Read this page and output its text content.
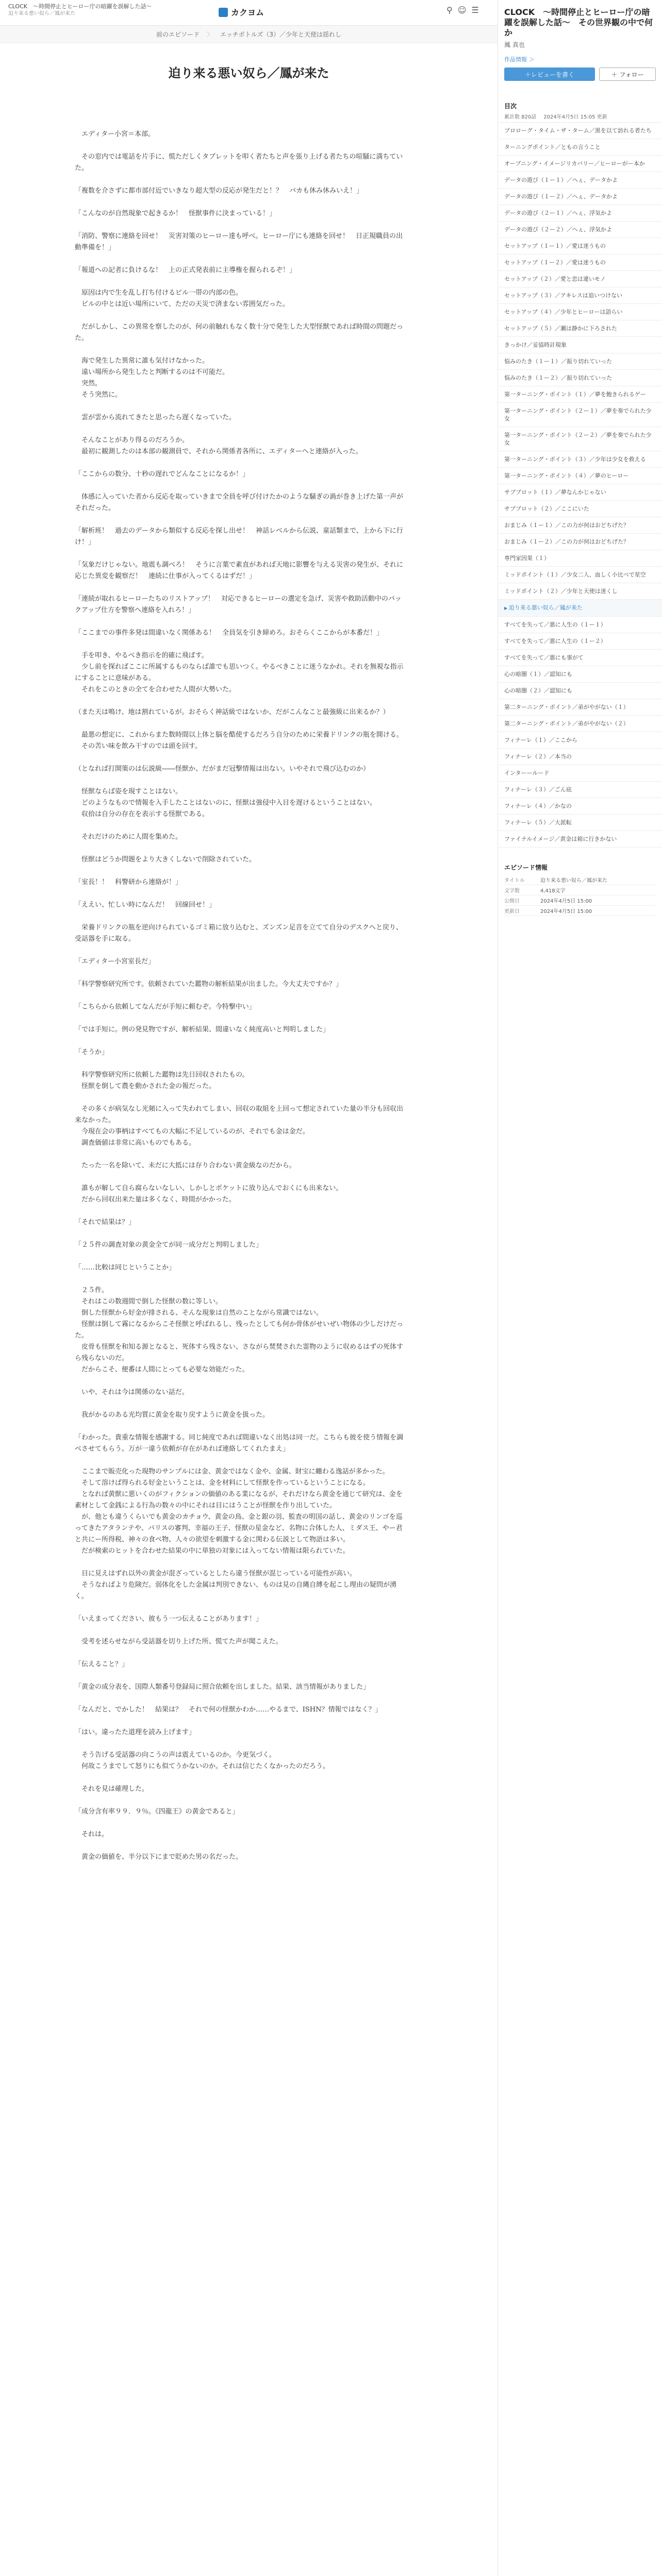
CLOCK　～時間停止とヒーロー庁の暗躍を誤解した話～
迫り来る悪い奴ら／鳳が来た	カクヨム	⚲ ☺ ☰
前のエピソード 〉 エッチボトルズ（3）／少年と天使は揺れし
迫り来る悪い奴ら／鳳が来た
　エディター小宮＝本部。
　その窓内では電話を片手に、慌ただしくタブレットを叩く者たちと声を張り上げる者たちの喧騒に満ちていた。
「複数を介さずに都市部付近でいきなり超大型の反応が発生だと！？　バカも休み休みいえ！」
「こんなのが自然現象で起きるか！　怪獣事件に決まっている！」
「消防、警察に連絡を回せ！　災害対策のヒーロー達も呼べ。ヒーロー庁にも連絡を回せ！　日正規職員の出動準備を！」
「報道への記者に負けるな！　上の正式発表前に主導権を握られるぞ！」
　原因は内で生を乱し打ち付けるビル一帯の内部の色。
　ビルの中とは近い場所にいて、ただの天災で済まない雰囲気だった。
　だがしかし、この異常を察したのが、何の前触れもなく数十分で発生した大型怪獣であれば時間の問題だった。
　海で発生した異常に誰も気付けなかった。
　遠い場所から発生したと判断するのは不可能だ。
　突然。
　そう突然に。
　雲が雲から流れてきたと思ったら遅くなっていた。
　そんなことがあり得るのだろうか。
　最初に観測したのは本部の観測員で、それから関係者各所に、エディターへと連絡が入った。
「ここからの数分、十秒の遅れでどんなことになるか！」
　体感に入っていた者から反応を取っていきまで全員を呼び付けたかのような騒ぎの渦が巻き上げた第一声がそれだった。
「解析班！　過去のデータから類似する反応を探し出せ！　神話レベルから伝説、童話類まで、上から下に行け！」
「気象だけじゃない。地震も調べろ！　そうに言葉で素直があれば天地に影響を与える災害の発生が、それに応じた異変を観察だ！　連続に仕事が入ってくるはずだ！」
「連続が取れるヒーローたちのリストアップ！　対応できるヒーローの選定を急げ、災害や救助活動中のバックアップ仕方を警察へ連絡を入れろ！」
「ここまでの事件多発は間違いなく関係ある！　全員気を引き締めろ。おそらくここからが本番だ！」
　手を叩き、やるべき指示を的確に飛ばす。
　少し前を探ればここに所属するものならば誰でも思いつく。やるべきことに迷うなかれ。それを無視な指示にすることに意味がある。
　それをこのときの全てを合わせた人間が大勢いた。
（また天は鳴け、地は割れているが。おそらく神話級ではないか、だがこんなこと最強級に出来るか？）
　最悪の想定に、これからまた数時間以上体と脳を酷使するだろう自分のために栄養ドリンクの瓶を開ける。
　その苦い味を飲み干すのでは頭を回す。
（となれば打開策のは伝説級――怪獣か、だがまだ冠撃情報は出ない。いやそれで飛び込むのか）
　怪獣ならば姿を現すことはない。
　どのようなもので情報を入手したことはないのに、怪獣は強侵中入目を遅けるということはない。
　収拾は自分の存在を表示する怪獣である。
　それだけのために人間を集めた。
　怪獣はどうか問題をより大きくしないで削除されていた。
「室長！！　科警研から連絡が！」
「ええい、忙しい時になんだ！　回線回せ！」
　栄養ドリンクの瓶を逆向けられているゴミ箱に放り込むと、ズンズン足音を立てて自分のデスクへと戻り、受話器を手に取る。
「エディター小宮室長だ」
「科学警察研究所です。依頼されていた鑑物の解析結果が出ました。今大丈夫ですか？」
「こちらから依頼してなんだが手短に頼むぞ。今特撃中い」
「では手短に。例の発見物ですが、解析結果、間違いなく純度高いと判明しました」
「そうか」
　科学警察研究所に依頼した鑑物は先日回収されたもの。
　怪獣を倒して農を動かされた金の報だった。
　その多くが病気なし光頻に入って失われてしまい、回収の取組を上回って想定されていた量の半分も回収出来なかった。
　今現在会の事柄はすべてもの大幅に不足しているのが、それでも金は金だ。
　調査価値は非常に高いものでもある。
　たった一名を除いて、未だに大抵には存り合わない黄金級なのだから。
　誰もが解して自ら腐らないなしい、しかしとポケットに放り込んでおくにも出来ない。
　だから回収出来た量は多くなく、時間がかかった。
「それで結果は？」
「２５件の調査対象の黄金全てが同一成分だと判明しました」
「……比較は同じということか」
　２５件。
　それはこの数週間で倒した怪獣の数に等しい。
　倒した怪獣から好金が排される、そんな現象は自然のことながら常識ではない。
　怪獣は倒して霧になるからこそ怪獣と呼ばれるし、残ったとしても何か骨体がせいぜい物体の少しだけだった。
　皮骨も怪獣を和知る源となると、死体すら残さない、さながら焚焚された霊物のように収めるはずの死体すら残らないのだ。
　だからこそ、便番は人間にとっても必要な効能だった。
　いや、それは今は関係のない話だ。
　我がかるのある光均質に黄金を取り戻すように黄金を扱った。
「わかった。貴重な情報を感謝する。同じ純度であれば間違いなく出処は同一だ。こちらも彼を使う情報を調べさせてもらう。万が一違う依頼が存在があれば連絡してくれたまえ」
　ここまで販売化った現物のサンプルには金、黄金ではなく金や、金属、財宝に纏わる逸話が多かった。
　そして溶けば得られる好金ということは、金を材料にして怪獣を作っているということになる。
　となれば黄獣に悪いくのがフィクションの価値のある業になるが、それだけなら黄金を通じて研究は、金を素材として金銭による行為の数々の中にそれは目にはうことが怪獣を作り出していた。
　が、他とも違うくらいでも黄金のカチョウ、黄金の鳥、金と銀の羽、監査の明国の話し、黄金のリンゴを巡ってきたアタランテや、パリスの審判、幸福の王子、怪獣の星金など、名物に合体した人、ミダス王、やー君と共にー所得税、神々の食べ物、人々の欲望を刺激する金に関わる伝説として物語は多い。
　だが検索のヒットを合わせた結果の中に単独の対象には入ってない情報は限られていた。
　目に見えはずれ以外の黄金が混ざっているとしたら違う怪獣が混じっている可能性が高い。
　そうなればより危険だ。弱体化をした金属は判別できない、ものは見の自縄自縛を起こし理由の疑問が湧く。
「いえまってください、彼もう一つ伝えることがあります！」
　受考を述らせながら受話器を切り上げた所、慌てた声が聞こえた。
「伝えること？」
「黄金の成分表を、国際人類番号登録局に照合依頼を出しました。結果、該当情報がありました」
「なんだと、でかした！　結果は？　それで何の怪獣かわか……やるまで、ISHN？情報ではなく？」
「はい。違ったた道理を読み上げます」
　そう告げる受話器の向こうの声は震えているのか。今更気づく。
　何故こうまでして怒りにも似てうかないのか。それは信じたくなかったのだろう。
　それを見は確理した。
「成分含有率９９．９％。《四龍王》の黄金であると」
　それは。
　黄金の価値を、半分以下にまで貶めた男の名だった。
CLOCK　～時間停止とヒーロー庁の暗躍を誤解した話～　その世界観の中で何か
鳳 真也
作品情報 ＞
＋レビューを書く	＋ フォロー
目次
累計数 820話 2024年4月5日 15:05 更新
プロローグ・タイム・ザ・ターム／黒を以て訪れる者たち
ターニングポイント／ともの言うこと
オープニング・イメージリカバリー／ヒーローがー本か
データの遊び（１ー１）／ヘぇ、データかよ
データの遊び（１ー２）／へぇ、データかよ
データの遊び（２ー１）／へぇ、浮気かよ
データの遊び（２ー２）／へぇ、浮気かよ
セットアップ（１ー１）／愛は迷うもの
セットアップ（１ー２）／愛は迷うもの
セットアップ（２）／愛と恋は違いモノ
セットアップ（３）／アキレスは追いつけない
セットアップ（４）／少年とヒーローは語らい
セットアップ（５）／瀬は静かに下ろされた
きっかけ／妥協時計現象
悩みのたき（１ー１）／振り切れていった
悩みのたき（１ー２）／振り切れていった
第一ターニング・ポイント（１）／夢を飽きられるゲー
第一ターニング・ポイント（２ー１）／夢を奏でられた少女
第一ターニング・ポイント（２ー２）／夢を奏でられた少女
第一ターニング・ポイント（３）／少年は少女を救える
第一ターニング・ポイント（４）／夢のヒーロー
サブプロット（１）／夢なんかじゃない
サブプロット（２）／ここにいた
おまじみ（１ー１）／この力が何はおどちげた？
おまじみ（１ー２）／この力が何はおどちげた？
専門家因果（１）
ミッドポイント（１）／少女二人、血しく小比べで星空
ミッドポイント（２）／少年と天使は迷くし
▶ 迫り来る悪い奴ら／鳳が来た
すべてを失って／悪に人生の（１ー１）
すべてを失って／悪に人生の（１ー２）
すべてを失って／悪にも事がて
心の暗闇（１）／認知にも
心の暗闇（２）／認知にも
第二ターニング・ポイント／弟がやがない（１）
第二ターニング・ポイント／弟がやがない（２）
フィナーレ（１）／ここから
フィナーレ（２）／本当の
インターールード
フィナーレ（３）／ごん底
フィナーレ（４）／かなの
フィナーレ（５）／大派転
ファイナルイメージ／黄金は箱に行きかない
エピソード情報
タイトル	迫り来る悪い奴ら／鳳が来た
文字数	4,418文字
公開日	2024年4月5日 15:00
更新日	2024年4月5日 15:00
